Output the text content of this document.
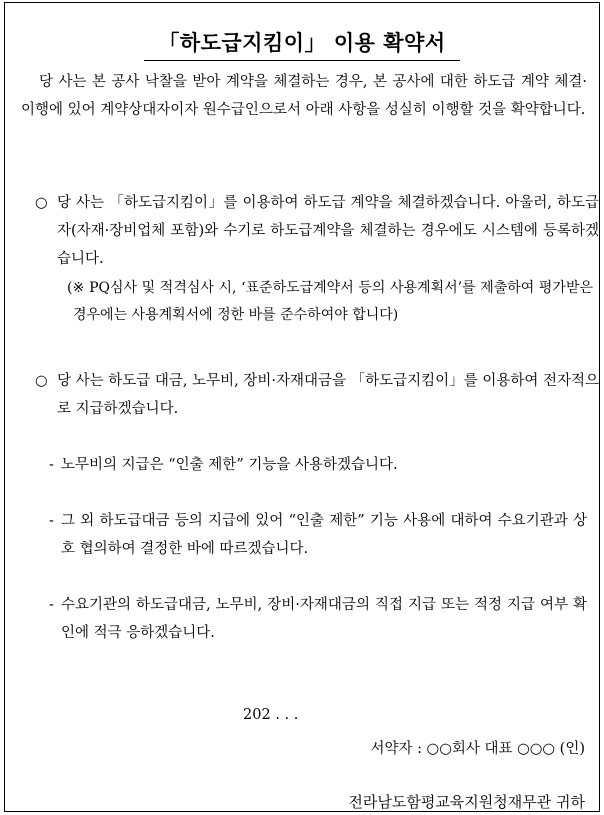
「하도급지킴이」 이용 확약서
당 사는 본 공사 낙찰을 받아 계약을 체결하는 경우, 본 공사에 대한 하도급 계약 체결·이행에 있어 계약상대자이자 원수급인으로서 아래 사항을 성실히 이행할 것을 확약합니다.
○ 당 사는 「하도급지킴이」를 이용하여 하도급 계약을 체결하겠습니다. 아울러, 하도급자(자재·장비업체 포함)와 수기로 하도급계약을 체결하는 경우에도 시스템에 등록하겠습니다.
(※ PQ심사 및 적격심사 시, ‘표준하도급계약서 등의 사용계획서’를 제출하여 평가받은 경우에는 사용계획서에 정한 바를 준수하여야 합니다)
○ 당 사는 하도급 대금, 노무비, 장비·자재대금을 「하도급지킴이」를 이용하여 전자적으로 지급하겠습니다.
- 노무비의 지급은 “인출 제한” 기능을 사용하겠습니다.
- 그 외 하도급대금 등의 지급에 있어 “인출 제한” 기능 사용에 대하여 수요기관과 상호 협의하여 결정한 바에 따르겠습니다.
- 수요기관의 하도급대금, 노무비, 장비·자재대금의 직접 지급 또는 적정 지급 여부 확인에 적극 응하겠습니다.
202 . . .
서약자 : ○○회사 대표 ○○○ (인)
전라남도함평교육지원청재무관 귀하
